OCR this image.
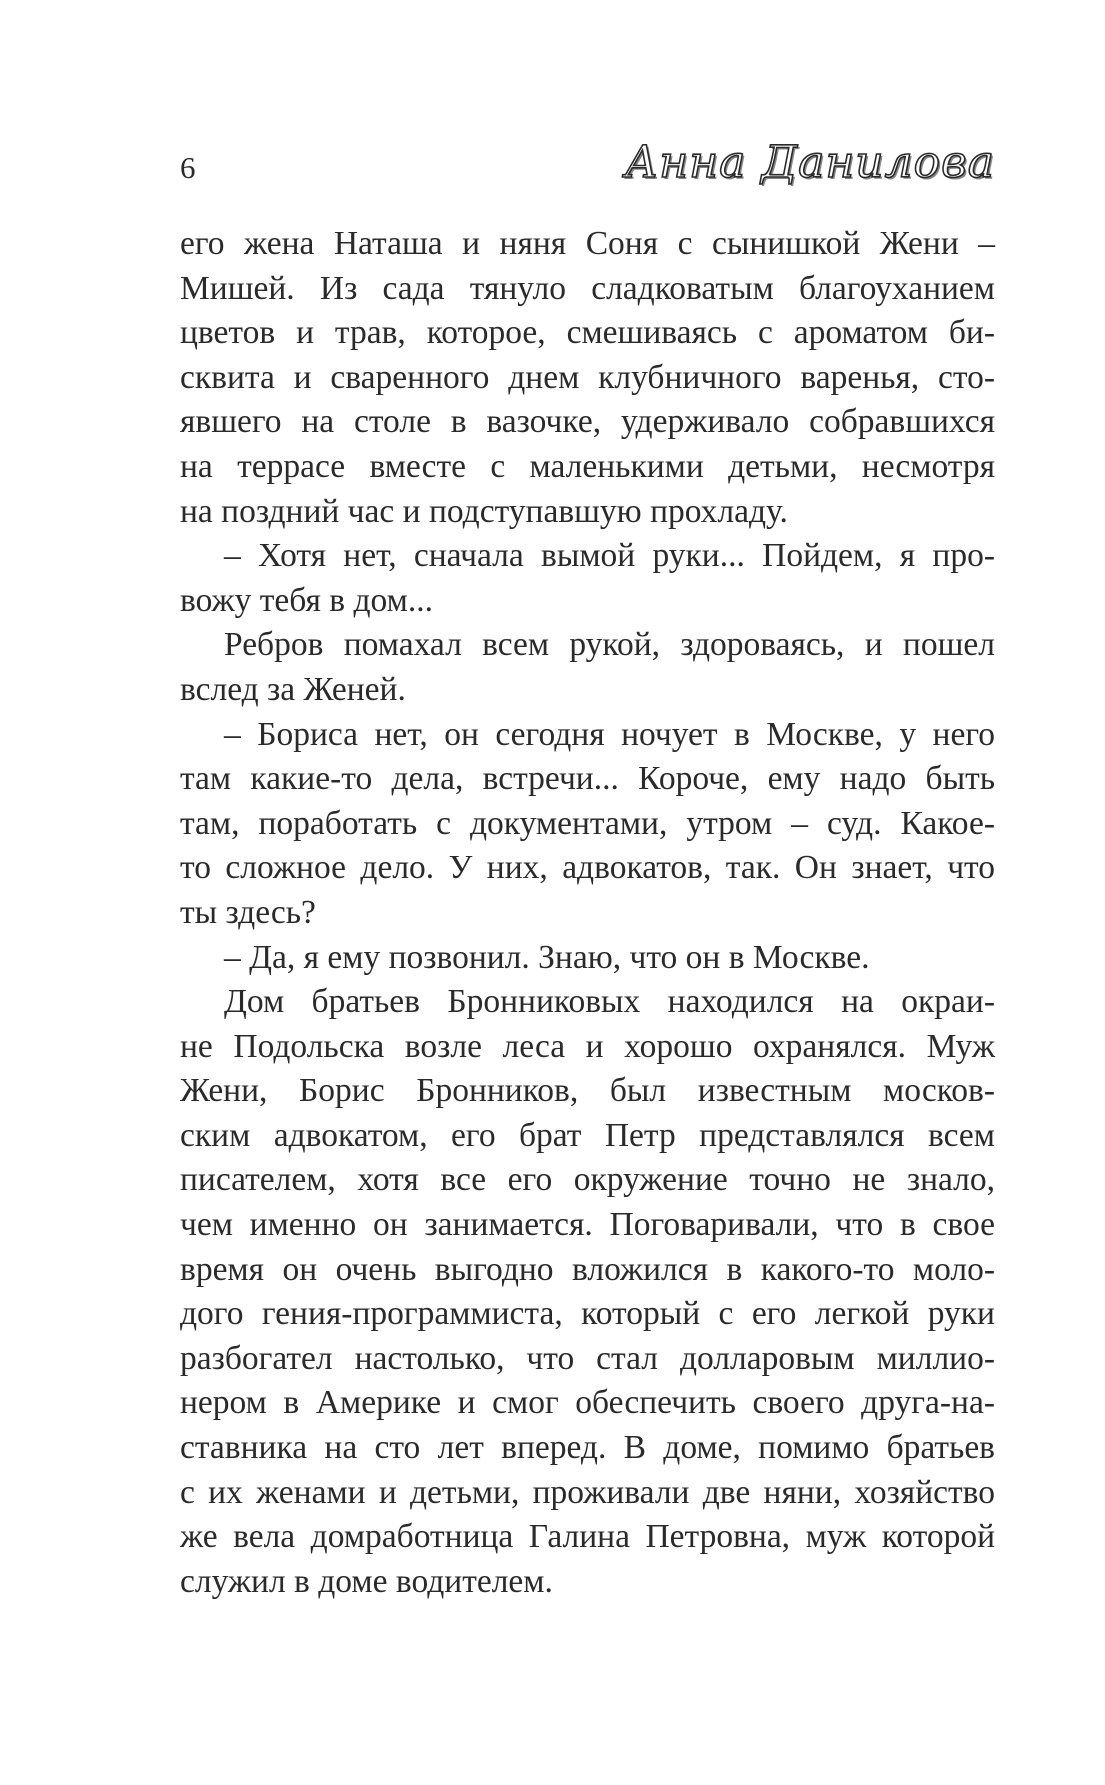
6	Анна Данилова
его жена Наташа и няня Соня с сынишкой Жени –
Мишей. Из сада тянуло сладковатым благоуханием
цветов и трав, которое, смешиваясь с ароматом би-
сквита и сваренного днем клубничного варенья, сто-
явшего на столе в вазочке, удерживало собравшихся
на террасе вместе с маленькими детьми, несмотря
на поздний час и подступавшую прохладу.
– Хотя нет, сначала вымой руки... Пойдем, я про-
вожу тебя в дом...
Ребров помахал всем рукой, здороваясь, и пошел
вслед за Женей.
– Бориса нет, он сегодня ночует в Москве, у него
там какие-то дела, встречи... Короче, ему надо быть
там, поработать с документами, утром – суд. Какое-
то сложное дело. У них, адвокатов, так. Он знает, что
ты здесь?
– Да, я ему позвонил. Знаю, что он в Москве.
Дом братьев Бронниковых находился на окраи-
не Подольска возле леса и хорошо охранялся. Муж
Жени, Борис Бронников, был известным москов-
ским адвокатом, его брат Петр представлялся всем
писателем, хотя все его окружение точно не знало,
чем именно он занимается. Поговаривали, что в свое
время он очень выгодно вложился в какого-то моло-
дого гения-программиста, который с его легкой руки
разбогател настолько, что стал долларовым миллио-
нером в Америке и смог обеспечить своего друга-на-
ставника на сто лет вперед. В доме, помимо братьев
с их женами и детьми, проживали две няни, хозяйство
же вела домработница Галина Петровна, муж которой
служил в доме водителем.
